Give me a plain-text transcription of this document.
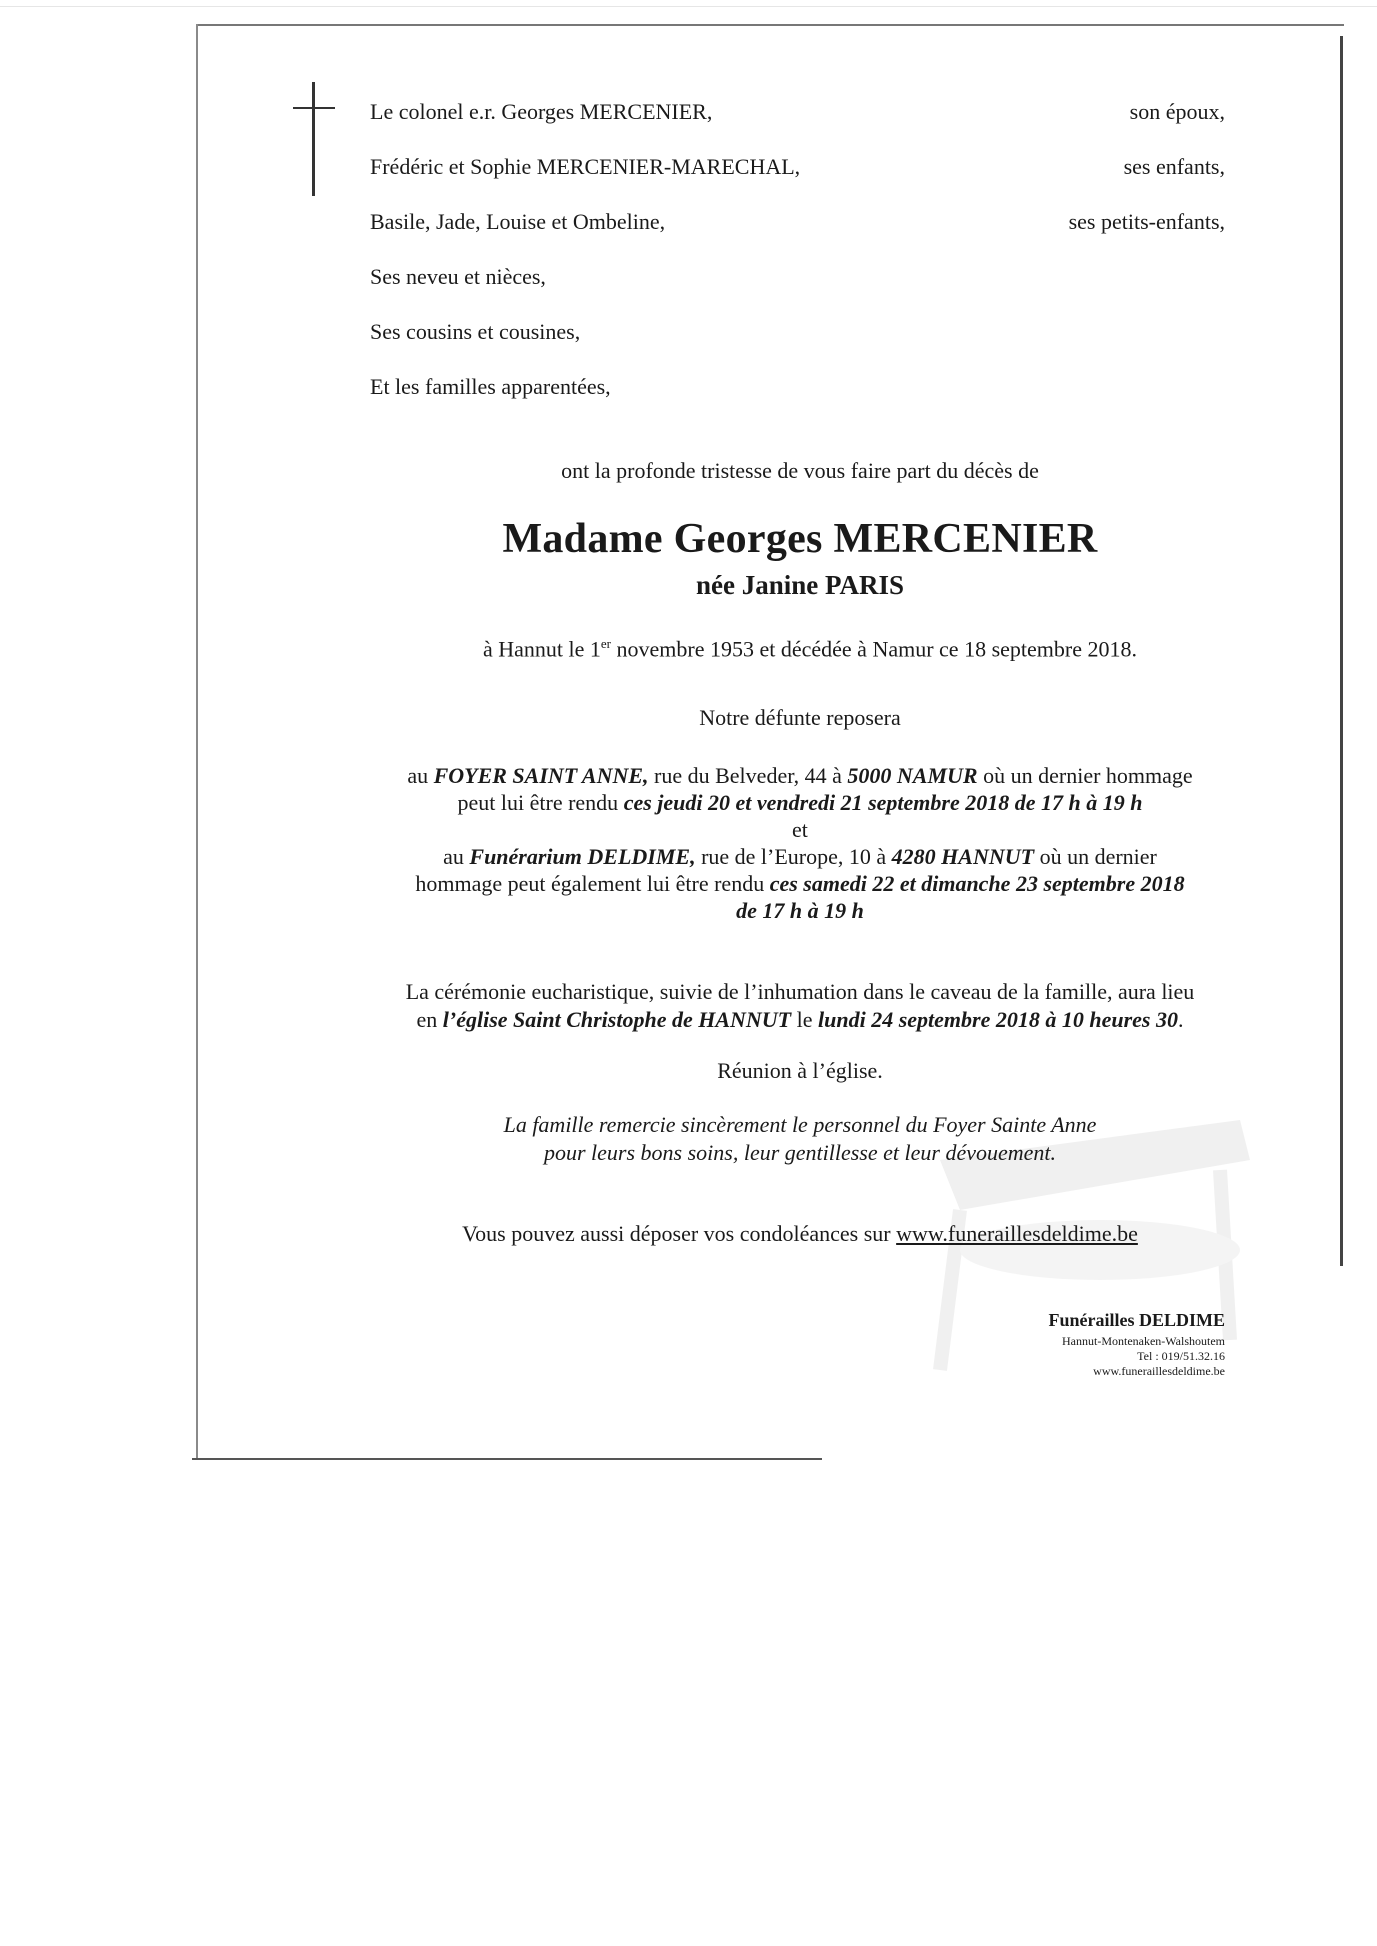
Le colonel e.r. Georges MERCENIER,	son époux,
Frédéric et Sophie MERCENIER-MARECHAL,	ses enfants,
Basile, Jade, Louise et Ombeline,	ses petits-enfants,
Ses neveu et nièces,
Ses cousins et cousines,
Et les familles apparentées,
ont la profonde tristesse de vous faire part du décès de
Madame Georges MERCENIER
née Janine PARIS
à Hannut le 1er novembre 1953 et décédée à Namur ce 18 septembre 2018.
Notre défunte reposera
au FOYER SAINT ANNE, rue du Belveder, 44 à 5000 NAMUR où un dernier hommage
peut lui être rendu ces jeudi 20 et vendredi 21 septembre 2018 de 17 h à 19 h
et
au Funérarium DELDIME, rue de l’Europe, 10 à 4280 HANNUT où un dernier
hommage peut également lui être rendu ces samedi 22 et dimanche 23 septembre 2018
de 17 h à 19 h
La cérémonie eucharistique, suivie de l’inhumation dans le caveau de la famille, aura lieu
en l’église Saint Christophe de HANNUT le lundi 24 septembre 2018 à 10 heures 30.
Réunion à l’église.
La famille remercie sincèrement le personnel du Foyer Sainte Anne
pour leurs bons soins, leur gentillesse et leur dévouement.
Vous pouvez aussi déposer vos condoléances sur www.funeraillesdeldime.be
Funérailles DELDIME
Hannut-Montenaken-Walshoutem
Tel : 019/51.32.16
www.funeraillesdeldime.be
